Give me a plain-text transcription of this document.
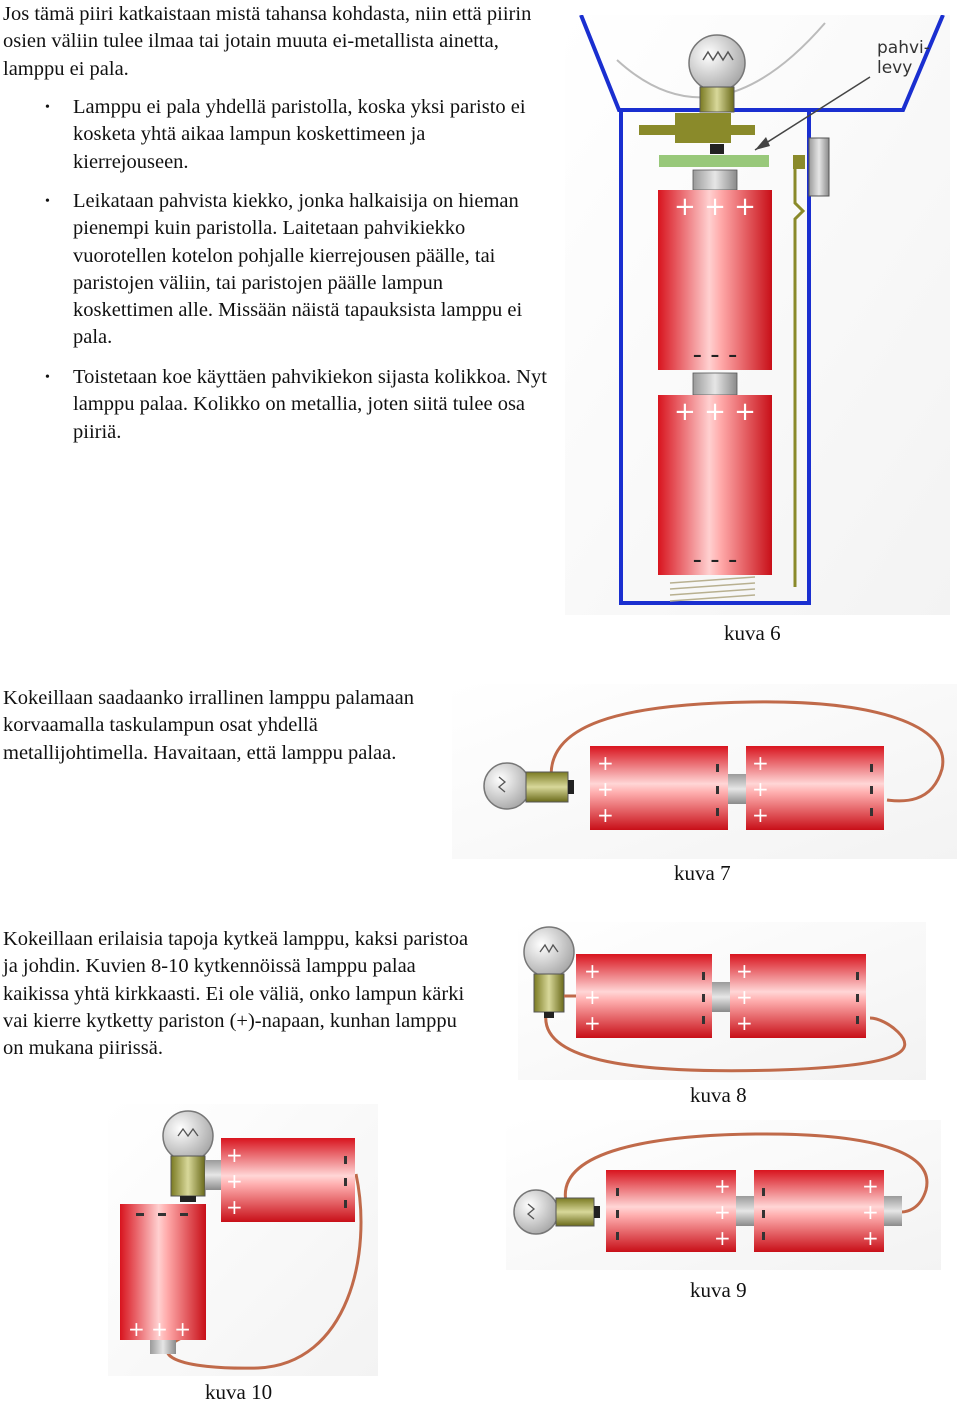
Jos tämä piiri katkaistaan mistä tahansa kohdasta, niin että piirin osien väliin tulee ilmaa tai jotain muuta ei-metallista ainetta, lamppu ei pala.

• Lamppu ei pala yhdellä paristolla, koska yksi paristo ei kosketa yhtä aikaa lampun koskettimeen ja kierrejouseen.
• Leikataan pahvista kiekko, jonka halkaisija on hieman pienempi kuin paristolla. Laitetaan pahvikiekko vuorotellen kotelon pohjalle kierrejousen päälle, tai paristojen väliin, tai paristojen päälle lampun koskettimen alle. Missään näistä tapauksista lamppu ei pala.
• Toistetaan koe käyttäen pahvikiekon sijasta kolikkoa. Nyt lamppu palaa. Kolikko on metallia, joten siitä tulee osa piiriä.
pahvi-
levy
+ + +
- - -
+ + +
- - -
kuva 6

Kokeillaan saadaanko irrallinen lamppu palamaan korvaamalla taskulampun osat yhdellä metallijohtimella. Havaitaan, että lamppu palaa.	+
+
+
+
+
+
kuva 7

Kokeillaan erilaisia tapoja kytkeä lamppu, kaksi paristoa ja johdin. Kuvien 8-10 kytkennöissä lamppu palaa kaikissa yhtä kirkkaasti. Ei ole väliä, onko lampun kärki vai kierre kytketty pariston (+)-napaan, kunhan lamppu on mukana piirissä.

+
+
+
+
+
+
kuva 8
+
+
+
+
+
+
kuva 9
+
+
+
+ + +
kuva 10
